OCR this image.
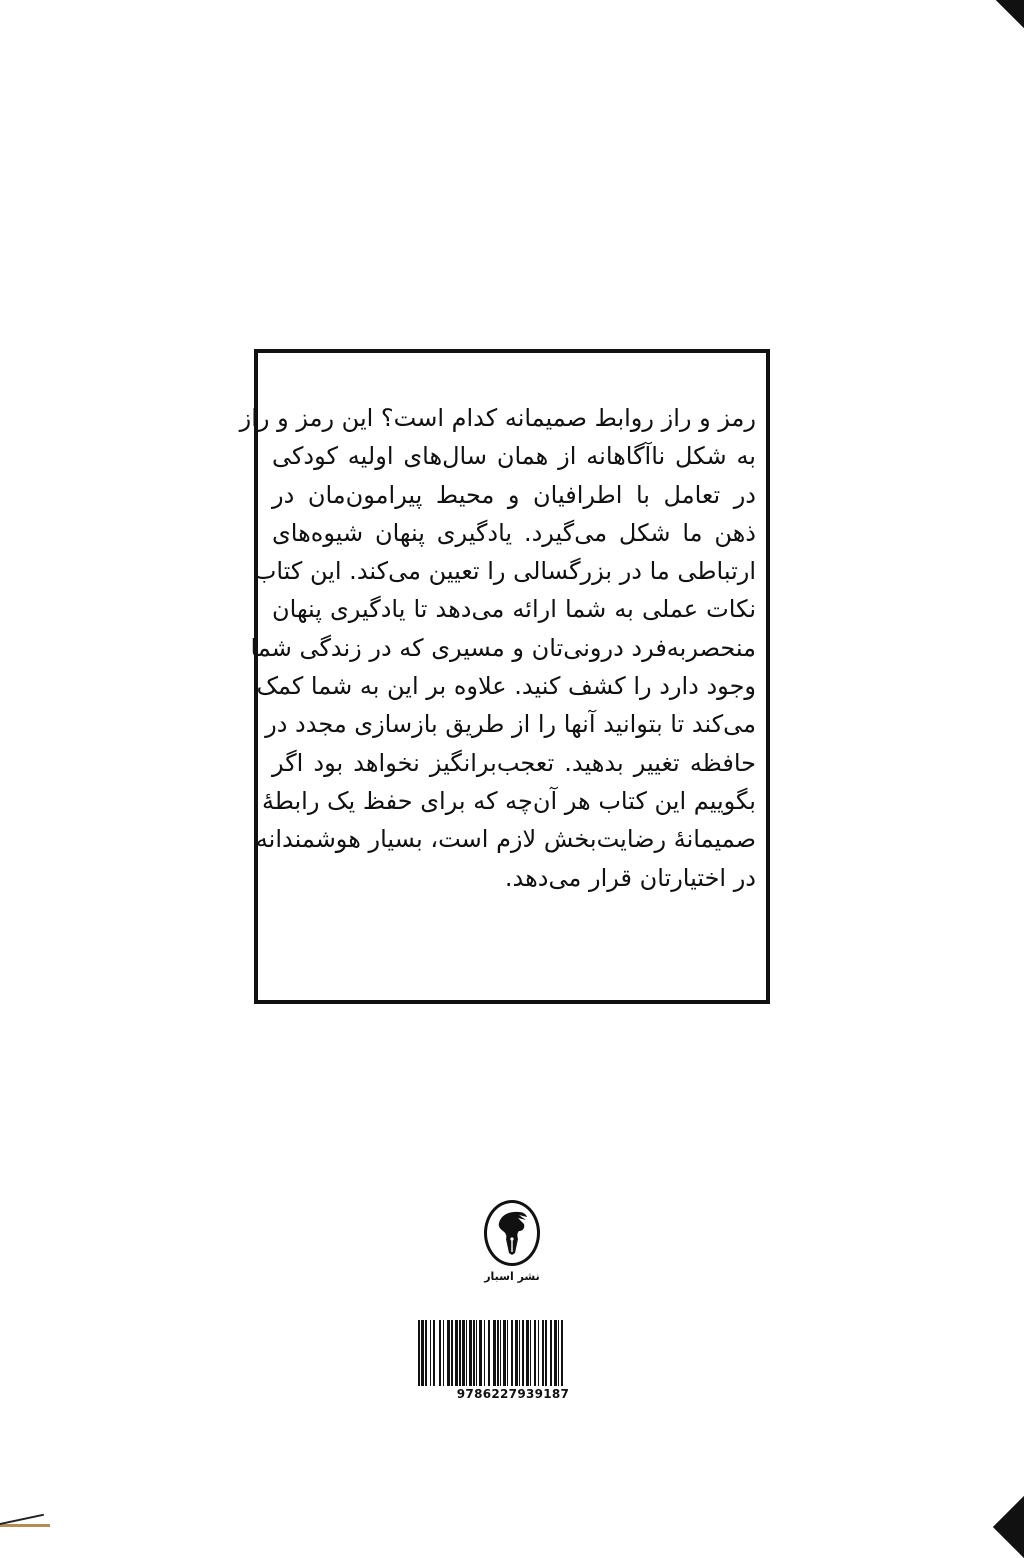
رمز و راز روابط صمیمانه کدام است؟ این رمز و راز
به شکل ناآگاهانه از همان سال‌های اولیه کودکی
در تعامل با اطرافیان و محیط پیرامون‌مان در
ذهن ما شکل می‌گیرد. یادگیری پنهان شیوه‌های
ارتباطی ما در بزرگسالی را تعیین می‌کند. این کتاب
نکات عملی به شما ارائه می‌دهد تا یادگیری پنهان
منحصربه‌فرد درونی‌تان و مسیری که در زندگی شما
وجود دارد را کشف کنید. علاوه بر این به شما کمک
می‌کند تا بتوانید آنها را از طریق بازسازی مجدد در
حافظه تغییر بدهید. تعجب‌برانگیز نخواهد بود اگر
بگوییم این کتاب هر آن‌چه که برای حفظ یک رابطهٔ
صمیمانهٔ رضایت‌بخش لازم است، بسیار هوشمندانه
در اختیارتان قرار می‌دهد.
نشر اسبار
9786227939187
